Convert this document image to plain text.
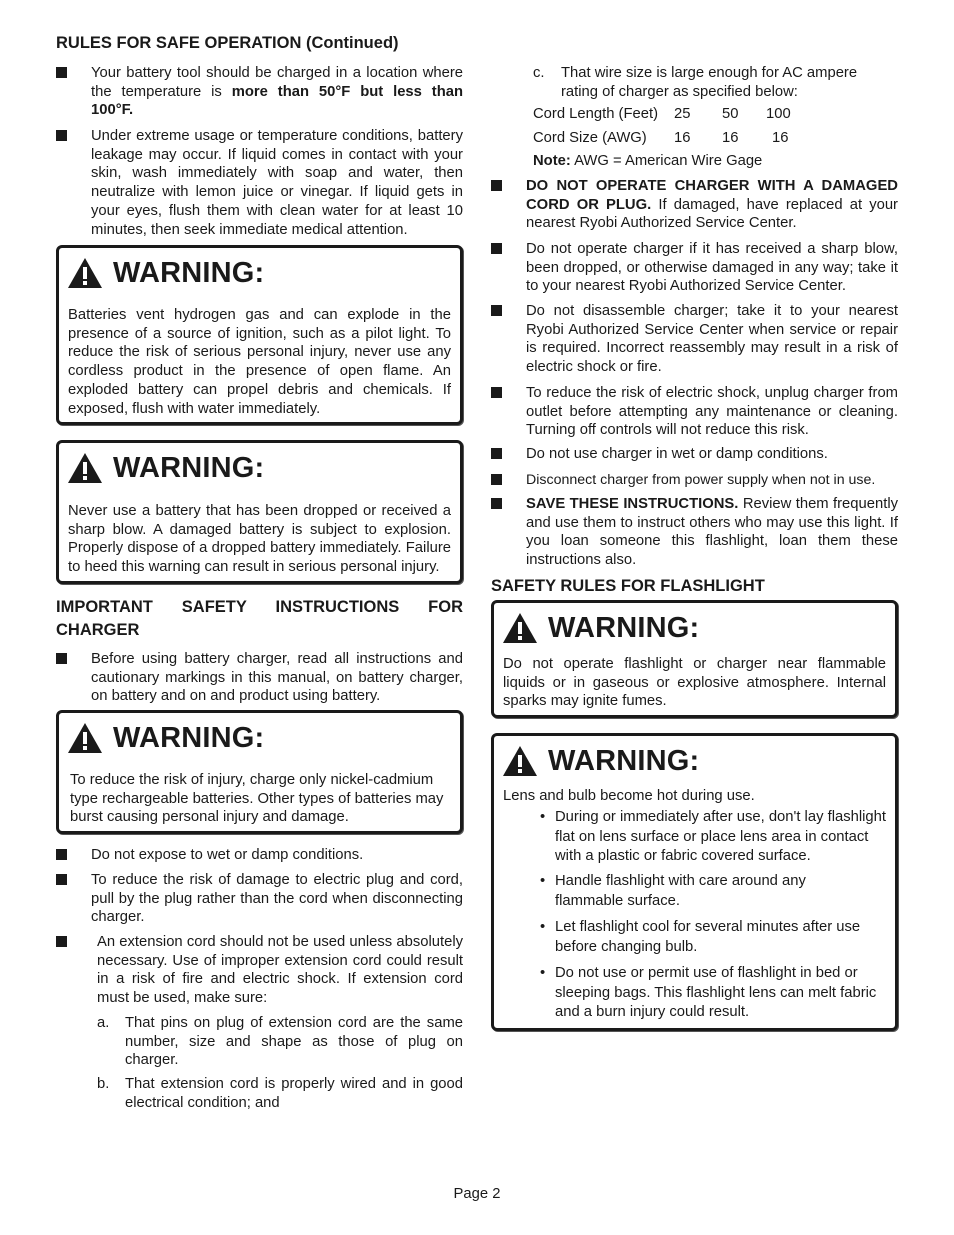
RULES FOR SAFE OPERATION (Continued)
Your battery tool should be charged in a location where the temperature is more than 50°F but less than 100°F.
Under extreme usage or temperature conditions, battery leakage may occur. If liquid comes in contact with your skin, wash immediately with soap and water, then neutralize with lemon juice or vinegar. If liquid gets in your eyes, flush them with clean water for at least 10 minutes, then seek immediate medical attention.
WARNING:
Batteries vent hydrogen gas and can explode in the presence of a source of ignition, such as a pilot light. To reduce the risk of serious personal injury, never use any cordless product in the presence of open flame. An exploded battery can propel debris and chemicals. If exposed, flush with water immediately.
WARNING:
Never use a battery that has been dropped or received a sharp blow. A damaged battery is subject to explosion. Properly dispose of a dropped battery immediately. Failure to heed this warning can result in serious personal injury.
IMPORTANT SAFETY INSTRUCTIONS FOR CHARGER
Before using battery charger, read all instructions and cautionary markings in this manual, on battery charger, on battery and on and product using battery.
WARNING:
To reduce the risk of injury, charge only nickel-cadmium type rechargeable batteries. Other types of batteries may burst causing personal injury and damage.
Do not expose to wet or damp conditions.
To reduce the risk of damage to electric plug and cord, pull by the plug rather than the cord when disconnecting charger.
An extension cord should not be used unless absolutely necessary. Use of improper extension cord could result in a risk of fire and electric shock. If extension cord must be used, make sure:
a. That pins on plug of extension cord are the same number, size and shape as those of plug on charger.
b. That extension cord is properly wired and in good electrical condition; and
c. That wire size is large enough for AC ampere rating of charger as specified below:
Cord Length (Feet) 25 50 100
Cord Size (AWG) 16 16 16
Note: AWG = American Wire Gage
DO NOT OPERATE CHARGER WITH A DAMAGED CORD OR PLUG. If damaged, have replaced at your nearest Ryobi Authorized Service Center.
Do not operate charger if it has received a sharp blow, been dropped, or otherwise damaged in any way; take it to your nearest Ryobi Authorized Service Center.
Do not disassemble charger; take it to your nearest Ryobi Authorized Service Center when service or repair is required. Incorrect reassembly may result in a risk of electric shock or fire.
To reduce the risk of electric shock, unplug charger from outlet before attempting any maintenance or cleaning. Turning off controls will not reduce this risk.
Do not use charger in wet or damp conditions.
Disconnect charger from power supply when not in use.
SAVE THESE INSTRUCTIONS. Review them frequently and use them to instruct others who may use this light. If you loan someone this flashlight, loan them these instructions also.
SAFETY RULES FOR FLASHLIGHT
WARNING:
Do not operate flashlight or charger near flammable liquids or in gaseous or explosive atmosphere. Internal sparks may ignite fumes.
WARNING:
Lens and bulb become hot during use.
• During or immediately after use, don't lay flashlight flat on lens surface or place lens area in contact with a plastic or fabric covered surface.
• Handle flashlight with care around any flammable surface.
• Let flashlight cool for several minutes after use before changing bulb.
• Do not use or permit use of flashlight in bed or sleeping bags. This flashlight lens can melt fabric and a burn injury could result.
Page 2
